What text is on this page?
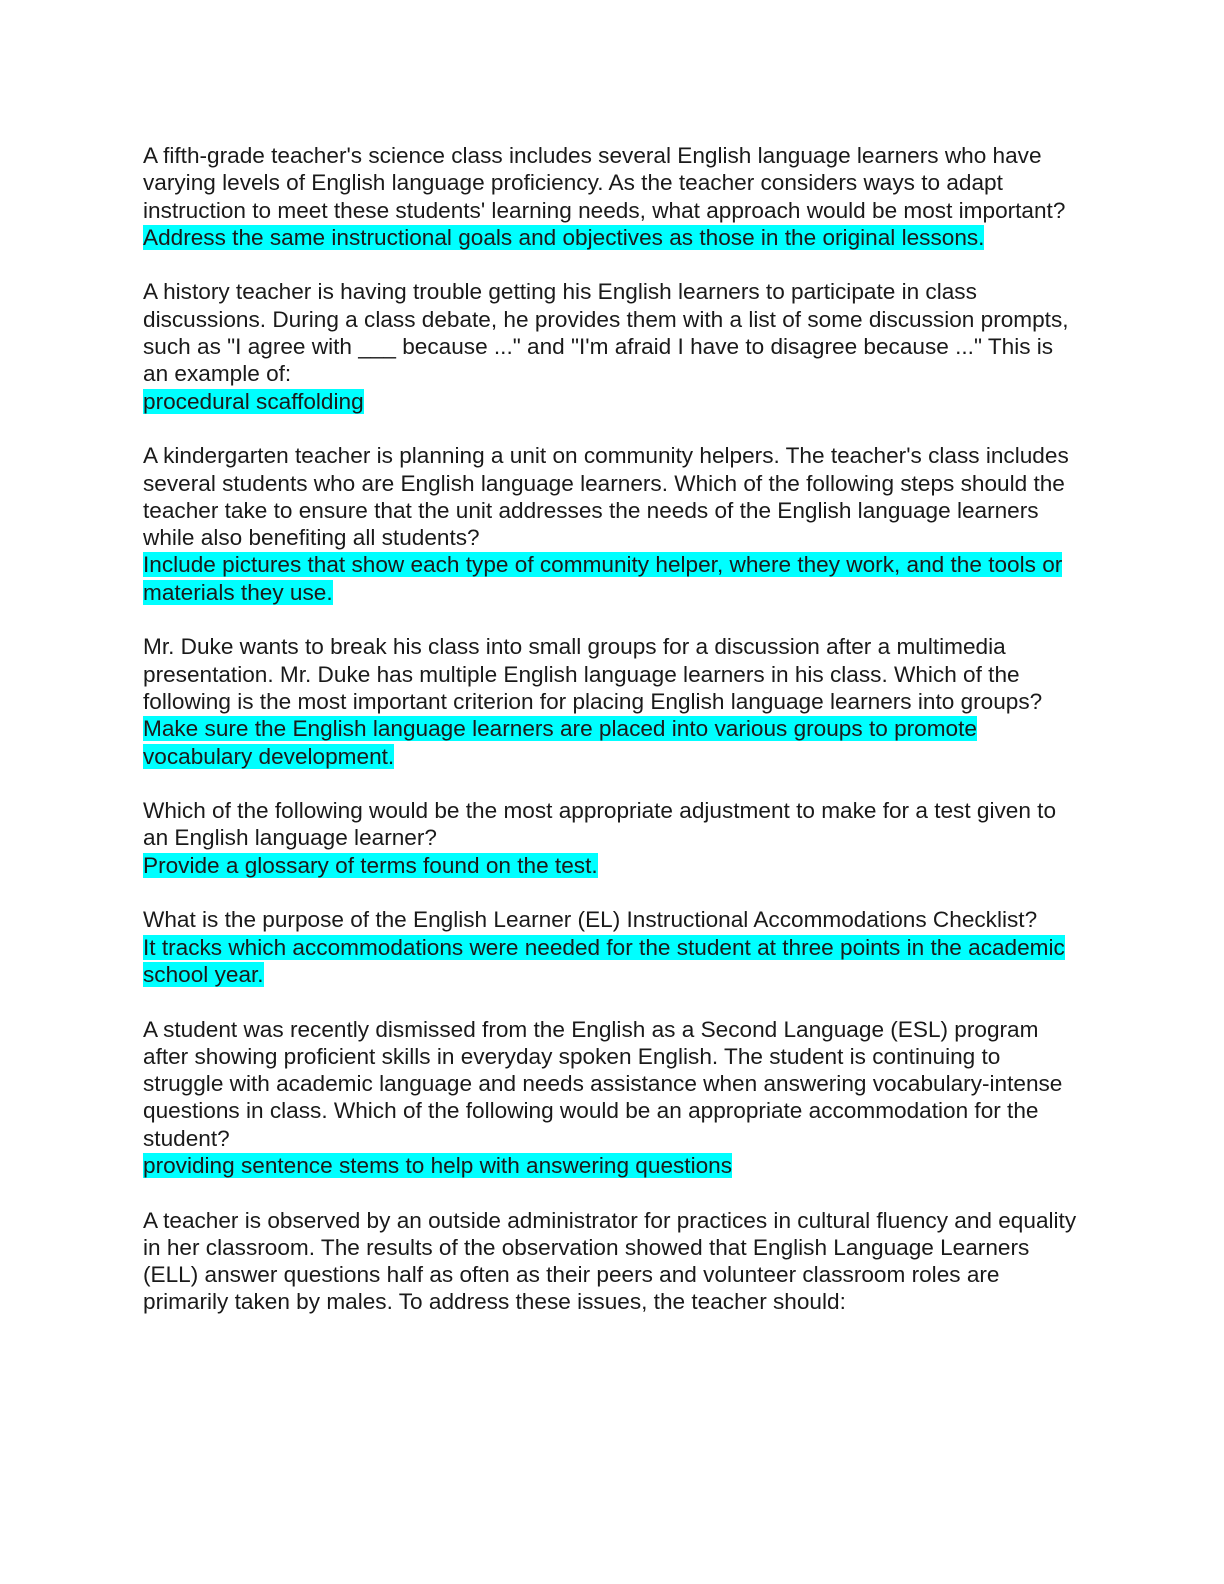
A fifth-grade teacher's science class includes several English language learners who have varying levels of English language proficiency. As the teacher considers ways to adapt instruction to meet these students' learning needs, what approach would be most important?
Address the same instructional goals and objectives as those in the original lessons.
A history teacher is having trouble getting his English learners to participate in class discussions. During a class debate, he provides them with a list of some discussion prompts, such as "I agree with ___ because ..." and "I'm afraid I have to disagree because ..." This is an example of:
procedural scaffolding
A kindergarten teacher is planning a unit on community helpers. The teacher's class includes several students who are English language learners. Which of the following steps should the teacher take to ensure that the unit addresses the needs of the English language learners while also benefiting all students?
Include pictures that show each type of community helper, where they work, and the tools or materials they use.
Mr. Duke wants to break his class into small groups for a discussion after a multimedia presentation. Mr. Duke has multiple English language learners in his class. Which of the following is the most important criterion for placing English language learners into groups?
Make sure the English language learners are placed into various groups to promote vocabulary development.
Which of the following would be the most appropriate adjustment to make for a test given to an English language learner?
Provide a glossary of terms found on the test.
What is the purpose of the English Learner (EL) Instructional Accommodations Checklist?
It tracks which accommodations were needed for the student at three points in the academic school year.
A student was recently dismissed from the English as a Second Language (ESL) program after showing proficient skills in everyday spoken English. The student is continuing to struggle with academic language and needs assistance when answering vocabulary-intense questions in class. Which of the following would be an appropriate accommodation for the student?
providing sentence stems to help with answering questions
A teacher is observed by an outside administrator for practices in cultural fluency and equality in her classroom. The results of the observation showed that English Language Learners (ELL) answer questions half as often as their peers and volunteer classroom roles are primarily taken by males. To address these issues, the teacher should:
